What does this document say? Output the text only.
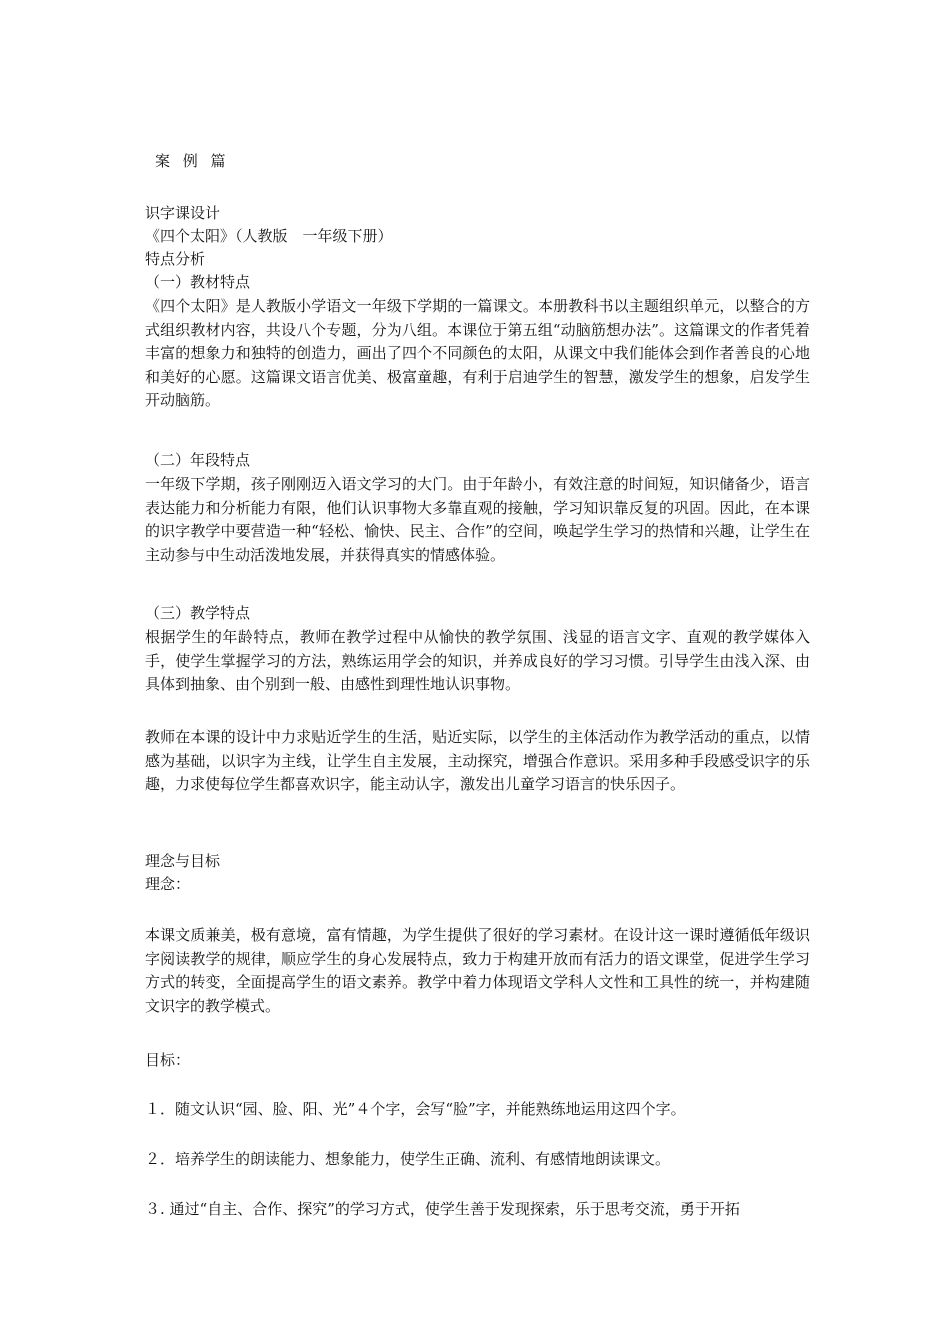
案 例 篇
识字课设计
《四个太阳》（人教版　一年级下册）
特点分析
（一）教材特点
《四个太阳》是人教版小学语文一年级下学期的一篇课文。本册教科书以主题组织单元，以整合的方式组织教材内容，共设八个专题，分为八组。本课位于第五组“动脑筋想办法”。这篇课文的作者凭着丰富的想象力和独特的创造力，画出了四个不同颜色的太阳，从课文中我们能体会到作者善良的心地和美好的心愿。这篇课文语言优美、极富童趣，有利于启迪学生的智慧，激发学生的想象，启发学生开动脑筋。
（二）年段特点
一年级下学期，孩子刚刚迈入语文学习的大门。由于年龄小，有效注意的时间短，知识储备少，语言表达能力和分析能力有限，他们认识事物大多靠直观的接触，学习知识靠反复的巩固。因此，在本课的识字教学中要营造一种“轻松、愉快、民主、合作”的空间，唤起学生学习的热情和兴趣，让学生在主动参与中生动活泼地发展，并获得真实的情感体验。
（三）教学特点
根据学生的年龄特点，教师在教学过程中从愉快的教学氛围、浅显的语言文字、直观的教学媒体入手，使学生掌握学习的方法，熟练运用学会的知识，并养成良好的学习习惯。引导学生由浅入深、由具体到抽象、由个别到一般、由感性到理性地认识事物。
教师在本课的设计中力求贴近学生的生活，贴近实际，以学生的主体活动作为教学活动的重点，以情感为基础，以识字为主线，让学生自主发展，主动探究，增强合作意识。采用多种手段感受识字的乐趣，力求使每位学生都喜欢识字，能主动认字，激发出儿童学习语言的快乐因子。
理念与目标
理念：
本课文质兼美，极有意境，富有情趣，为学生提供了很好的学习素材。在设计这一课时遵循低年级识字阅读教学的规律，顺应学生的身心发展特点，致力于构建开放而有活力的语文课堂，促进学生学习方式的转变，全面提高学生的语文素养。教学中着力体现语文学科人文性和工具性的统一，并构建随文识字的教学模式。
目标：
１．随文认识“园、脸、阳、光”４个字，会写“脸”字，并能熟练地运用这四个字。
２．培养学生的朗读能力、想象能力，使学生正确、流利、有感情地朗读课文。
３. 通过“自主、合作、探究”的学习方式，使学生善于发现探索，乐于思考交流，勇于开拓
